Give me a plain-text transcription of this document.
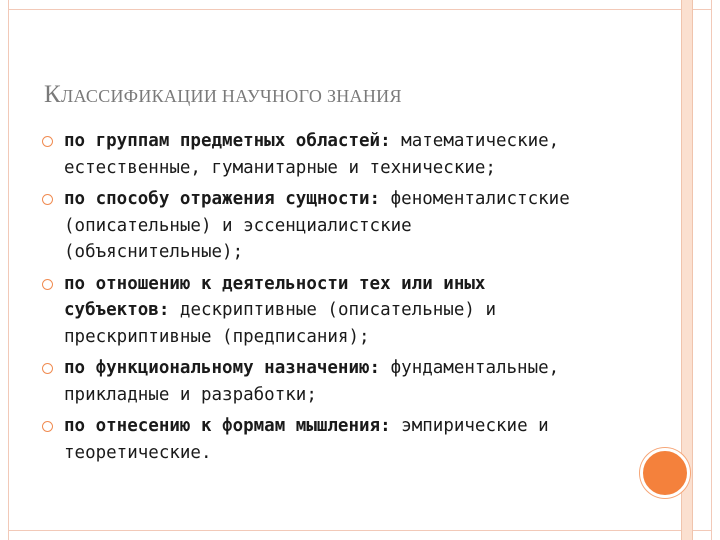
КЛАССИФИКАЦИИ НАУЧНОГО ЗНАНИЯ
по группам предметных областей: математические, естественные, гуманитарные и технические;
по способу отражения сущности: феноменталистские (описательные) и эссенциалистские (объяснительные);
по отношению к деятельности тех или иных субъектов: дескриптивные (описательные) и прескриптивные (предписания);
по функциональному назначению: фундаментальные, прикладные и разработки;
по отнесению к формам мышления: эмпирические и теоретические.
